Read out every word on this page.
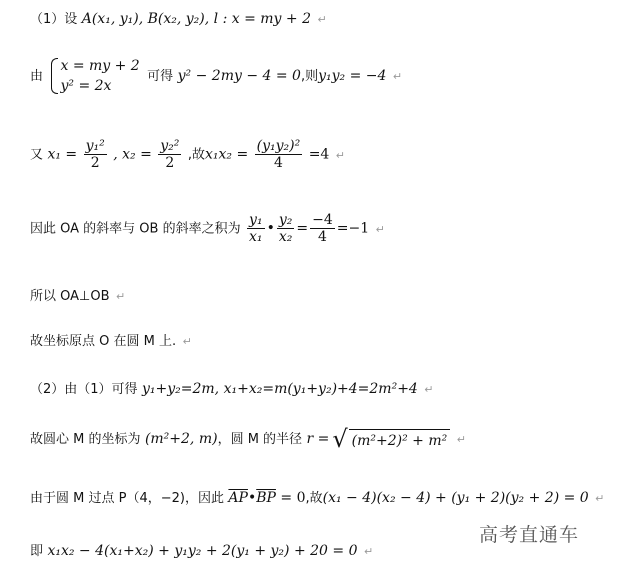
（1）设 A(x₁, y₁), B(x₂, y₂), l : x = my + 2 ↵
由
x = my + 2
y² = 2x
可得 y² − 2my − 4 = 0,则y₁y₂ = −4 ↵
又 $x_1 = \frac{\text{y₁²}}{2}$ , $x_2 = \frac{\text{y₂²}}{2}$ ,故$x_1x_2 = \frac{\text{(y₁y₂)²}}{4} =4$ ↵
因此 OA 的斜率与 OB 的斜率之积为 $\frac{\text{y₁}}{\text{x₁}}$ • $\frac{\text{y₂}}{\text{x₂}} = \frac{-4}{4} =-1$ ↵
所以 OA⊥OB ↵
故坐标原点 O 在圆 M 上. ↵
（2）由（1）可得 y₁+y₂=2m, x₁+x₂=m(y₁+y₂)+4=2m²+4 ↵
故圆心 M 的坐标为 (m²+2, m)，圆 M 的半径 r = √ (m²+2)² + m² ↵
由于圆 M 过点 P（4，−2)，因此 $\overline{AP}•\overline{BP} = 0$,故(x₁ − 4)(x₂ − 4) + (y₁ + 2)(y₂ + 2) = 0 ↵
即 x₁x₂ − 4(x₁+x₂) + y₁y₂ + 2(y₁ + y₂) + 20 = 0 ↵
高考直通车
